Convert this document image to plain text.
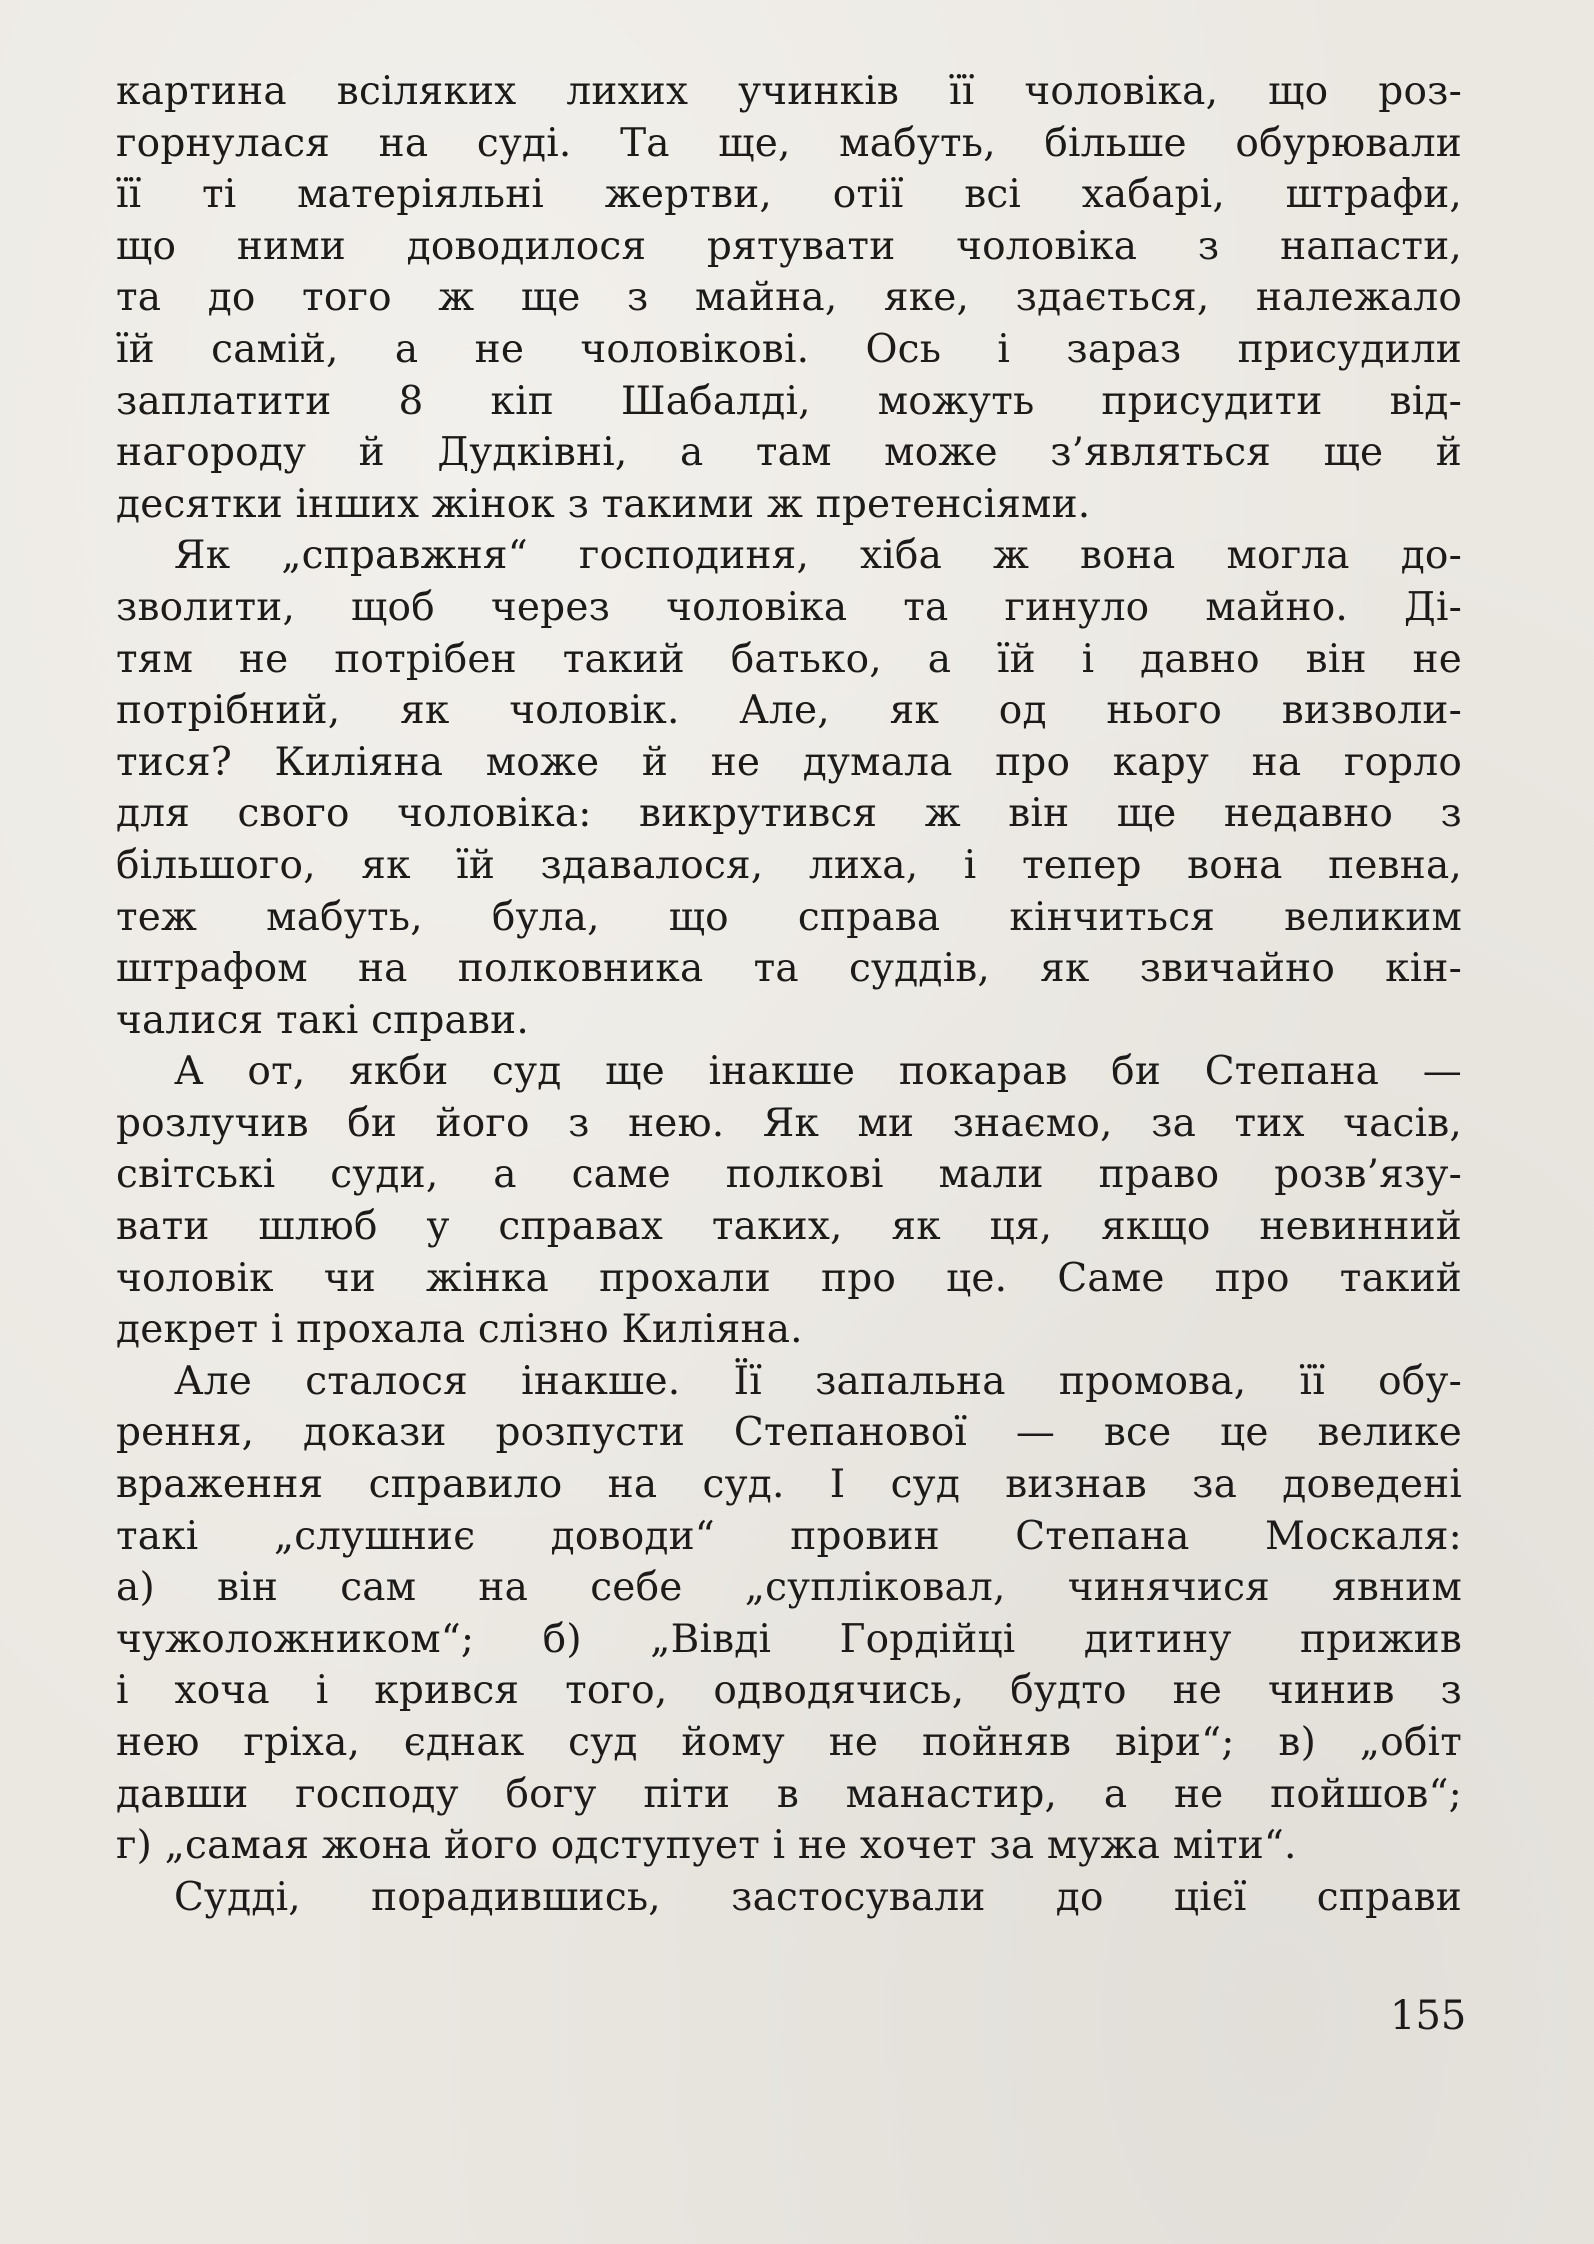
картина всіляких лихих учинків її чоловіка, що роз-
горнулася на суді. Та ще, мабуть, більше обурювали
її ті матеріяльні жертви, отії всі хабарі, штрафи,
що ними доводилося рятувати чоловіка з напасти,
та до того ж ще з майна, яке, здається, належало
їй самій, а не чоловікові. Ось і зараз присудили
заплатити 8 кіп Шабалді, можуть присудити від-
нагороду й Дудківні, а там може з’являться ще й
десятки інших жінок з такими ж претенсіями.
Як „справжня“ господиня, хіба ж вона могла до-
зволити, щоб через чоловіка та гинуло майно. Ді-
тям не потрібен такий батько, а їй і давно він не
потрібний, як чоловік. Але, як од нього визволи-
тися? Киліяна може й не думала про кару на горло
для свого чоловіка: викрутився ж він ще недавно з
більшого, як їй здавалося, лиха, і тепер вона певна,
теж мабуть, була, що справа кінчиться великим
штрафом на полковника та суддів, як звичайно кін-
чалися такі справи.
А от, якби суд ще інакше покарав би Степана —
розлучив би його з нею. Як ми знаємо, за тих часів,
світські суди, а саме полкові мали право розв’язу-
вати шлюб у справах таких, як ця, якщо невинний
чоловік чи жінка прохали про це. Саме про такий
декрет і прохала слізно Киліяна.
Але сталося інакше. Її запальна промова, її обу-
рення, докази розпусти Степанової — все це велике
враження справило на суд. І суд визнав за доведені
такі „слушниє доводи“ провин Степана Москаля:
а) він сам на себе „супліковал, чинячися явним
чужоложником“; б) „Вівді Гордійці дитину прижив
і хоча і крився того, одводячись, будто не чинив з
нею гріха, єднак суд йому не пойняв віри“; в) „обіт
давши господу богу піти в манастир, а не пойшов“;
г) „самая жона його одступует і не хочет за мужа міти“.
Судді, порадившись, застосували до цієї справи
155
